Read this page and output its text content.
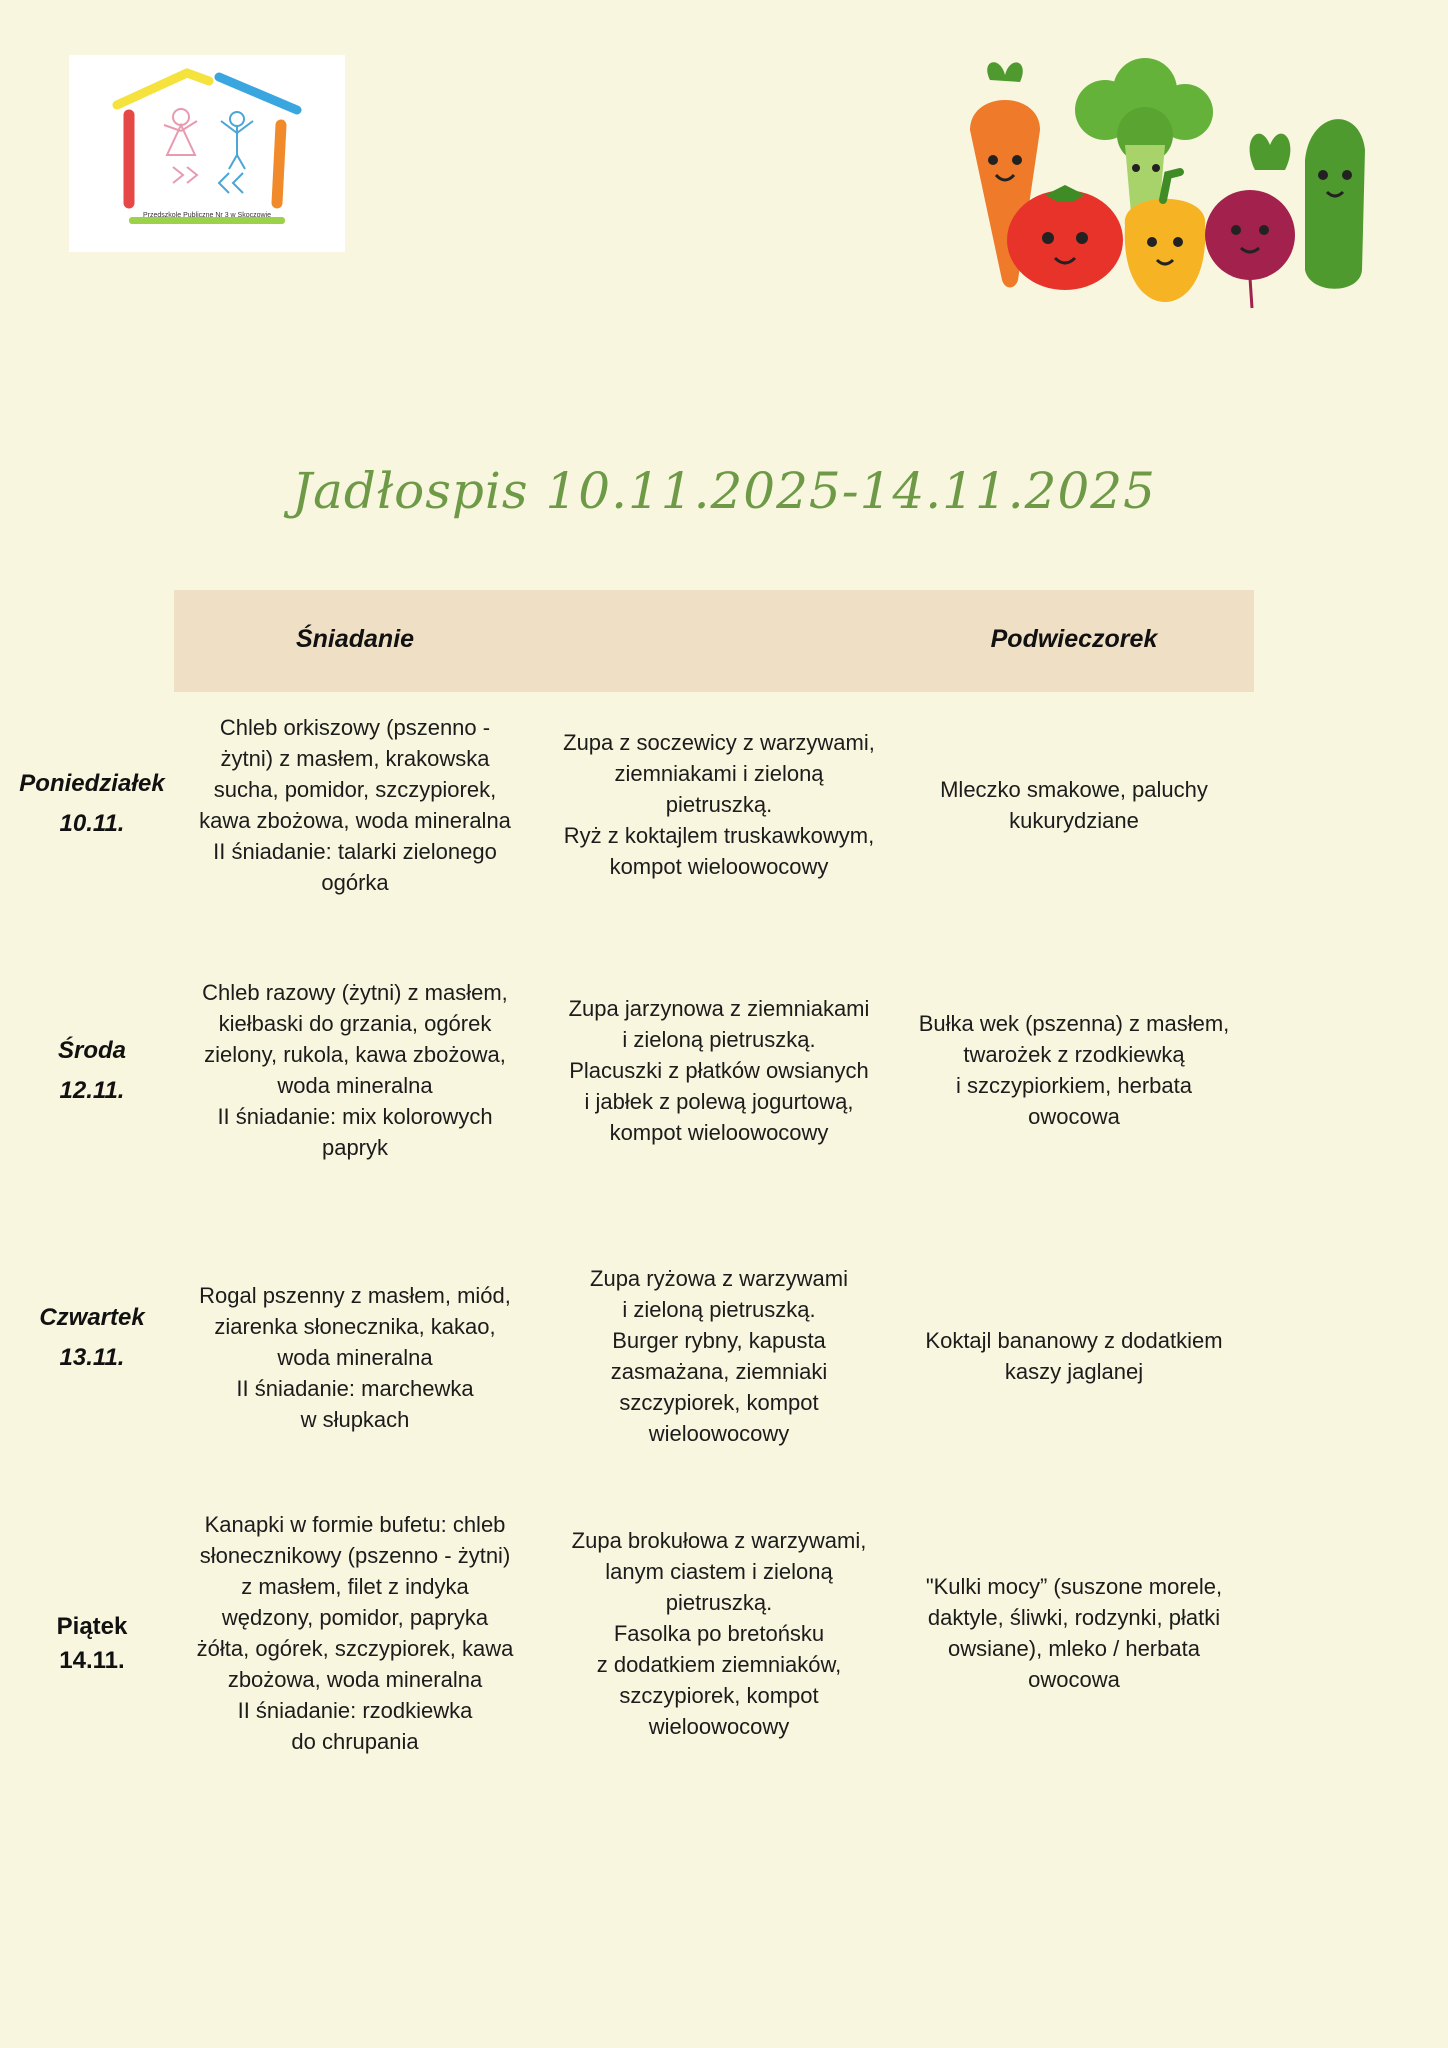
Przedszkole Publiczne Nr 3 w Skoczowie
Jadłospis 10.11.2025-14.11.2025
Śniadanie	Podwieczorek
Poniedziałek
10.11.
Środa
12.11.
Czwartek
13.11.
Piątek
14.11.
Chleb orkiszowy (pszenno -
żytni) z masłem, krakowska
sucha, pomidor, szczypiorek,
kawa zbożowa, woda mineralna
II śniadanie: talarki zielonego
ogórka
Zupa z soczewicy z warzywami,
ziemniakami i zieloną
pietruszką.
Ryż z koktajlem truskawkowym,
kompot wieloowocowy
Mleczko smakowe, paluchy
kukurydziane
Chleb razowy (żytni) z masłem,
kiełbaski do grzania, ogórek
zielony, rukola, kawa zbożowa,
woda mineralna
II śniadanie: mix kolorowych
papryk
Zupa jarzynowa z ziemniakami
i zieloną pietruszką.
Placuszki z płatków owsianych
i jabłek z polewą jogurtową,
kompot wieloowocowy
Bułka wek (pszenna) z masłem,
twarożek z rzodkiewką
i szczypiorkiem, herbata
owocowa
Rogal pszenny z masłem, miód,
ziarenka słonecznika, kakao,
woda mineralna
II śniadanie: marchewka
w słupkach
Zupa ryżowa z warzywami
i zieloną pietruszką.
Burger rybny, kapusta
zasmażana, ziemniaki
szczypiorek, kompot
wieloowocowy
Koktajl bananowy z dodatkiem
kaszy jaglanej
Kanapki w formie bufetu: chleb
słonecznikowy (pszenno - żytni)
z masłem, filet z indyka
wędzony, pomidor, papryka
żółta, ogórek, szczypiorek, kawa
zbożowa, woda mineralna
II śniadanie: rzodkiewka
do chrupania
Zupa brokułowa z warzywami,
lanym ciastem i zieloną
pietruszką.
Fasolka po bretońsku
z dodatkiem ziemniaków,
szczypiorek, kompot
wieloowocowy
"Kulki mocy” (suszone morele,
daktyle, śliwki, rodzynki, płatki
owsiane), mleko / herbata
owocowa
